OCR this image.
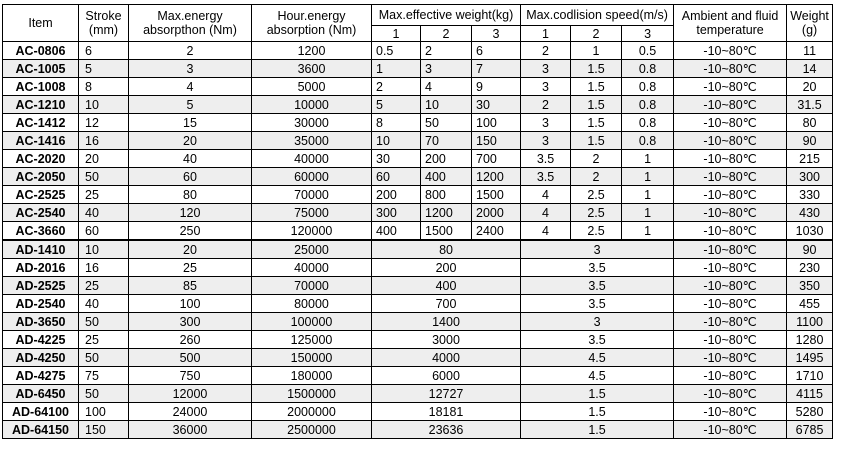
Item	Stroke (mm)	Max.energy absorpthon (Nm)	Hour.energy absorption (Nm)	Max.effective weight(kg)			Max.codlision speed(m/s)			Ambient and fluid temperature	Weight (g)
				1	2	3	1	2	3		
AC-0806	6	2	1200	0.5	2	6	2	1	0.5	-10~80℃	11
AC-1005	5	3	3600	1	3	7	3	1.5	0.8	-10~80℃	14
AC-1008	8	4	5000	2	4	9	3	1.5	0.8	-10~80℃	20
AC-1210	10	5	10000	5	10	30	2	1.5	0.8	-10~80℃	31.5
AC-1412	12	15	30000	8	50	100	3	1.5	0.8	-10~80℃	80
AC-1416	16	20	35000	10	70	150	3	1.5	0.8	-10~80℃	90
AC-2020	20	40	40000	30	200	700	3.5	2	1	-10~80℃	215
AC-2050	50	60	60000	60	400	1200	3.5	2	1	-10~80℃	300
AC-2525	25	80	70000	200	800	1500	4	2.5	1	-10~80℃	330
AC-2540	40	120	75000	300	1200	2000	4	2.5	1	-10~80℃	430
AC-3660	60	250	120000	400	1500	2400	4	2.5	1	-10~80℃	1030
AD-1410	10	20	25000	80			3			-10~80℃	90
AD-2016	16	25	40000	200			3.5			-10~80℃	230
AD-2525	25	85	70000	400			3.5			-10~80℃	350
AD-2540	40	100	80000	700			3.5			-10~80℃	455
AD-3650	50	300	100000	1400			3			-10~80℃	1100
AD-4225	25	260	125000	3000			3.5			-10~80℃	1280
AD-4250	50	500	150000	4000			4.5			-10~80℃	1495
AD-4275	75	750	180000	6000			4.5			-10~80℃	1710
AD-6450	50	12000	1500000	12727			1.5			-10~80℃	4115
AD-64100	100	24000	2000000	18181			1.5			-10~80℃	5280
AD-64150	150	36000	2500000	23636			1.5			-10~80℃	6785
